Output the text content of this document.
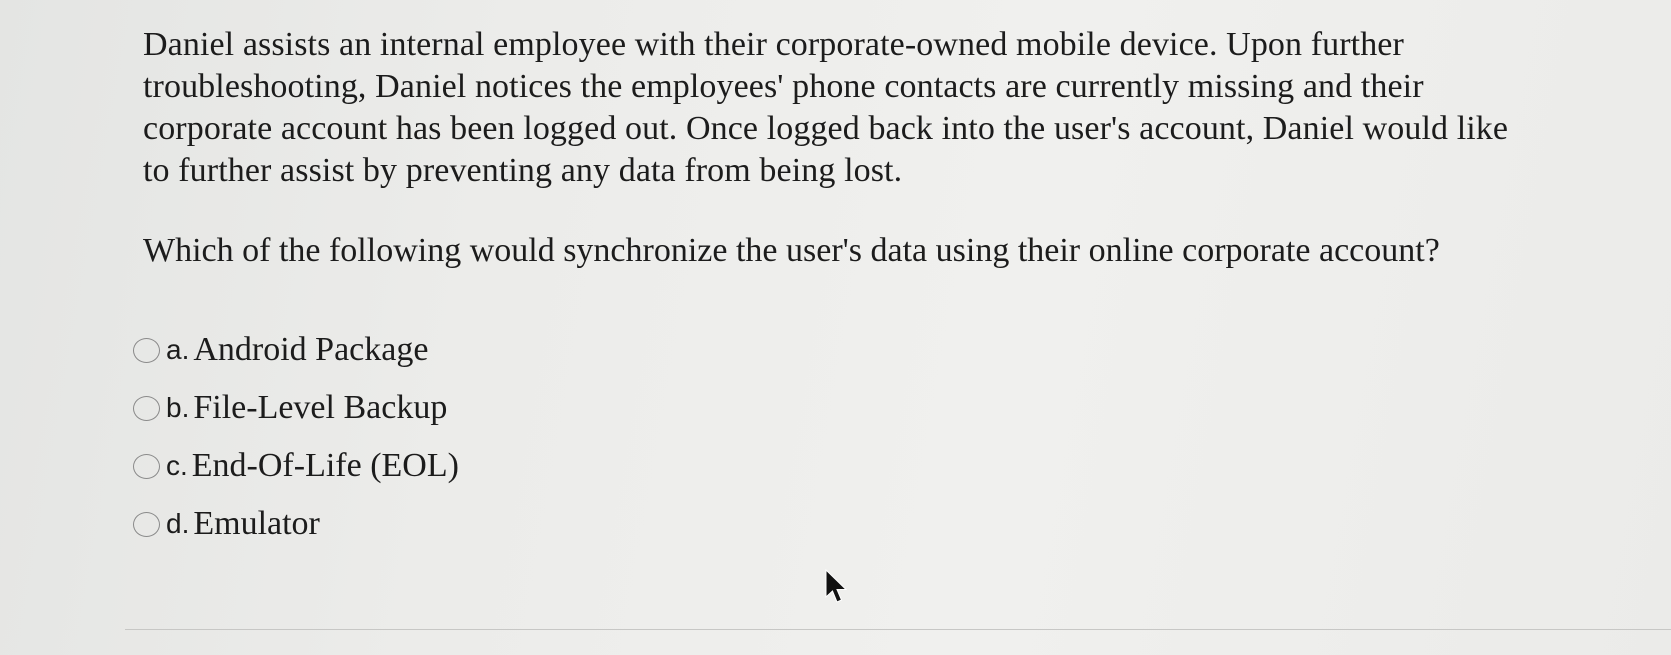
Daniel assists an internal employee with their corporate-owned mobile device. Upon further
troubleshooting, Daniel notices the employees' phone contacts are currently missing and their
corporate account has been logged out. Once logged back into the user's account, Daniel would like
to further assist by preventing any data from being lost.

Which of the following would synchronize the user's data using their online corporate account?

a. Android Package
b. File-Level Backup
c. End-Of-Life (EOL)
d. Emulator
